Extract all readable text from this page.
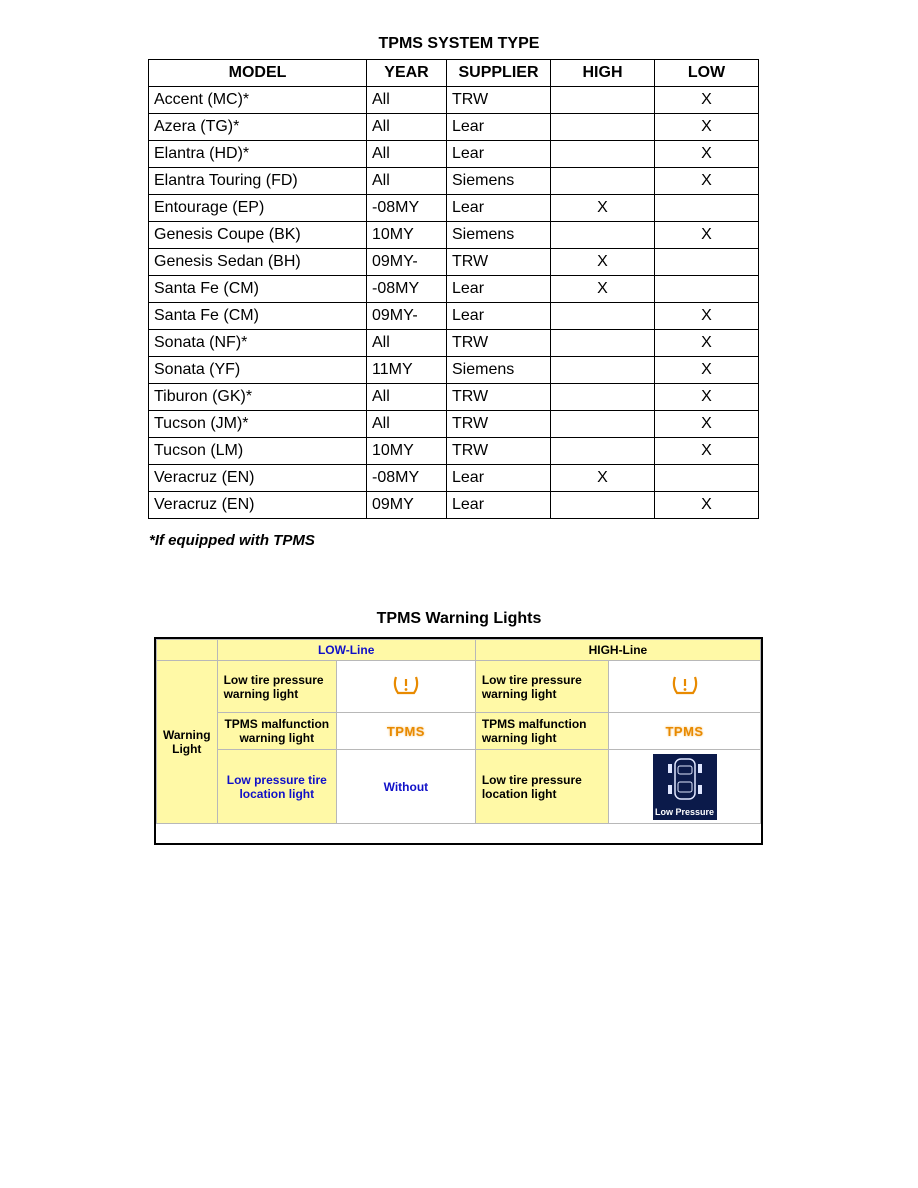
TPMS SYSTEM TYPE
MODEL	YEAR	SUPPLIER	HIGH	LOW
Accent (MC)*	All	TRW		X
Azera (TG)*	All	Lear		X
Elantra (HD)*	All	Lear		X
Elantra Touring (FD)	All	Siemens		X
Entourage (EP)	-08MY	Lear	X	
Genesis Coupe (BK)	10MY	Siemens		X
Genesis Sedan (BH)	09MY-	TRW	X	
Santa Fe (CM)	-08MY	Lear	X	
Santa Fe (CM)	09MY-	Lear		X
Sonata (NF)*	All	TRW		X
Sonata (YF)	11MY	Siemens		X
Tiburon (GK)*	All	TRW		X
Tucson (JM)*	All	TRW		X
Tucson (LM)	10MY	TRW		X
Veracruz (EN)	-08MY	Lear	X	
Veracruz (EN)	09MY	Lear		X
*If equipped with TPMS
TPMS Warning Lights
	LOW-Line		HIGH-Line	
Warning Light	Low tire pressure warning light		Low tire pressure warning light	
	TPMS malfunction warning light	TPMS	TPMS malfunction warning light	TPMS
	Low pressure tire location light	Without	Low tire pressure location light	Low Pressure
